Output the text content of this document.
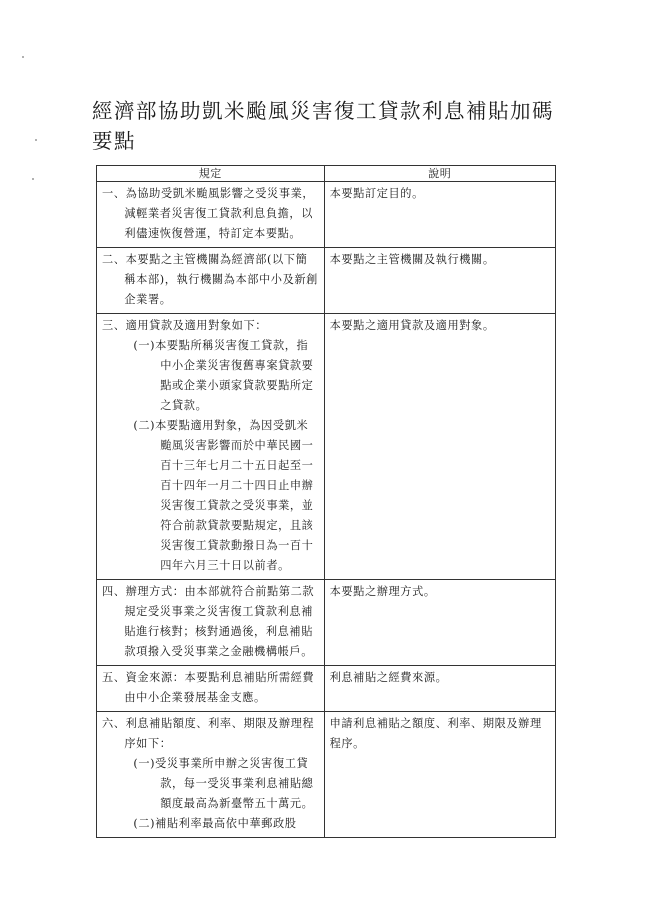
經濟部協助凱米颱風災害復工貸款利息補貼加碼要點
規定	說明

一、為協助受凱米颱風影響之受災事業，減輕業者災害復工貸款利息負擔，以利儘速恢復營運，特訂定本要點。	本要點訂定目的。

二、本要點之主管機關為經濟部(以下簡稱本部)，執行機關為本部中小及新創企業署。	本要點之主管機關及執行機關。

三、適用貸款及適用對象如下：
(一)本要點所稱災害復工貸款，指中小企業災害復舊專案貸款要點或企業小頭家貸款要點所定之貸款。
(二)本要點適用對象，為因受凱米颱風災害影響而於中華民國一百十三年七月二十五日起至一百十四年一月二十四日止申辦災害復工貸款之受災事業，並符合前款貸款要點規定，且該災害復工貸款動撥日為一百十四年六月三十日以前者。	本要點之適用貸款及適用對象。

四、辦理方式：由本部就符合前點第二款規定受災事業之災害復工貸款利息補貼進行核對；核對通過後，利息補貼款項撥入受災事業之金融機構帳戶。	本要點之辦理方式。

五、資金來源：本要點利息補貼所需經費由中小企業發展基金支應。	利息補貼之經費來源。

六、利息補貼額度、利率、期限及辦理程序如下：
(一)受災事業所申辦之災害復工貸款，每一受災事業利息補貼總額度最高為新臺幣五十萬元。
(二)補貼利率最高依中華郵政股	申請利息補貼之額度、利率、期限及辦理程序。
